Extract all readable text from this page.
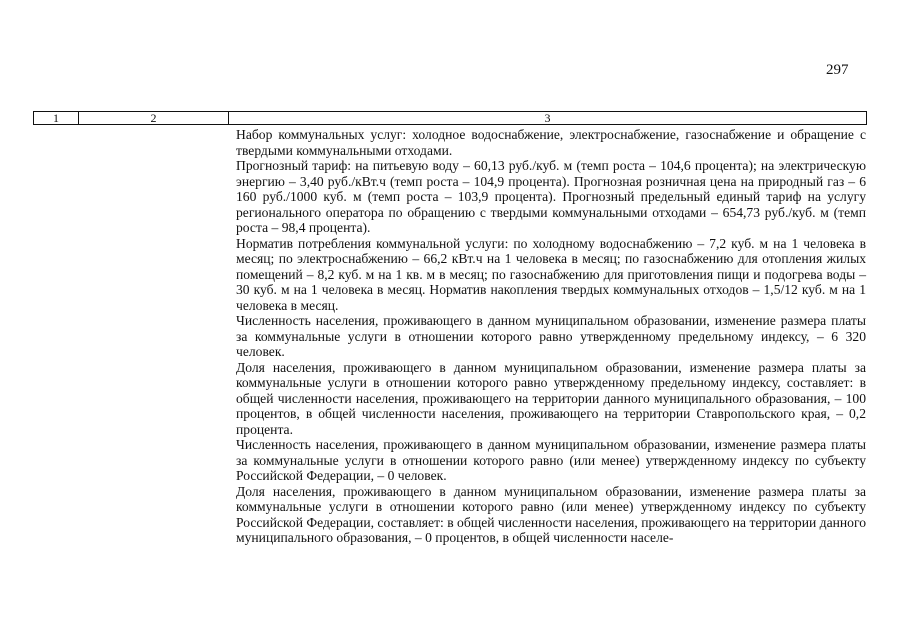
297
1	2	3

Набор коммунальных услуг: холодное водоснабжение, электроснабжение, газоснабжение и обращение с твердыми коммунальными отходами.

Прогнозный тариф: на питьевую воду – 60,13 руб./куб. м (темп роста – 104,6 процента); на электрическую энергию – 3,40 руб./кВт.ч (темп роста – 104,9 процента). Прогнозная розничная цена на природный газ – 6 160 руб./1000 куб. м (темп роста – 103,9 процента). Прогнозный предельный единый тариф на услугу регионального оператора по обращению с твердыми коммунальными отходами – 654,73 руб./куб. м (темп роста – 98,4 процента).

Норматив потребления коммунальной услуги: по холодному водоснабжению – 7,2 куб. м на 1 человека в месяц; по электроснабжению – 66,2 кВт.ч на 1 человека в месяц; по газоснабжению для отопления жилых помещений – 8,2 куб. м на 1 кв. м в месяц; по газоснабжению для приготовления пищи и подогрева воды – 30 куб. м на 1 человека в месяц. Норматив накопления твердых коммунальных отходов – 1,5/12 куб. м на 1 человека в месяц.

Численность населения, проживающего в данном муниципальном образовании, изменение размера платы за коммунальные услуги в отношении которого равно утвержденному предельному индексу, – 6 320 человек.

Доля населения, проживающего в данном муниципальном образовании, изменение размера платы за коммунальные услуги в отношении которого равно утвержденному предельному индексу, составляет: в общей численности населения, проживающего на территории данного муниципального образования, – 100 процентов, в общей численности населения, проживающего на территории Ставропольского края, – 0,2 процента.

Численность населения, проживающего в данном муниципальном образовании, изменение размера платы за коммунальные услуги в отношении которого равно (или менее) утвержденному индексу по субъекту Российской Федерации, – 0 человек.

Доля населения, проживающего в данном муниципальном образовании, изменение размера платы за коммунальные услуги в отношении которого равно (или менее) утвержденному индексу по субъекту Российской Федерации, составляет: в общей численности населения, проживающего на территории данного муниципального образования, – 0 процентов, в общей численности населе-
